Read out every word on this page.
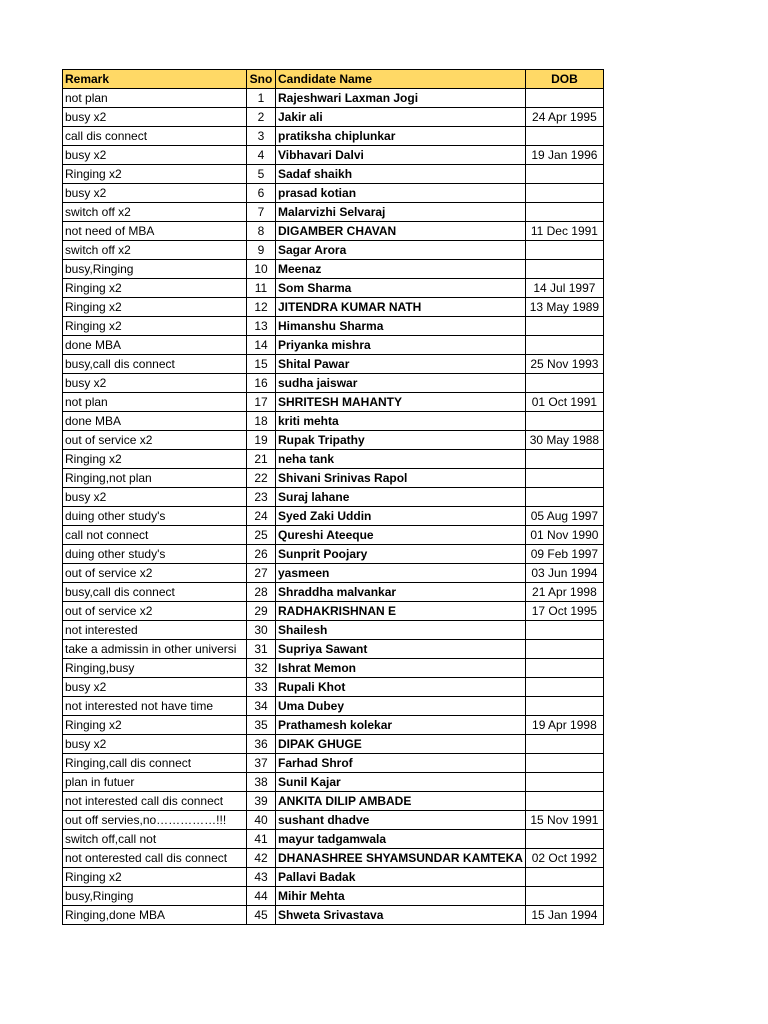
Remark	Sno	Candidate Name	DOB
not plan	1	Rajeshwari Laxman Jogi	
busy x2	2	Jakir ali	24 Apr 1995
call dis connect	3	pratiksha chiplunkar	
busy x2	4	Vibhavari Dalvi	19 Jan 1996
Ringing x2	5	Sadaf shaikh	
busy x2	6	prasad kotian	
switch off x2	7	Malarvizhi Selvaraj	
not need of MBA	8	DIGAMBER CHAVAN	11 Dec 1991
switch off x2	9	Sagar Arora	
busy,Ringing	10	Meenaz	
Ringing x2	11	Som Sharma	14 Jul 1997
Ringing x2	12	JITENDRA KUMAR NATH	13 May 1989
Ringing x2	13	Himanshu Sharma	
done MBA	14	Priyanka mishra	
busy,call dis connect	15	Shital Pawar	25 Nov 1993
busy x2	16	sudha jaiswar	
not plan	17	SHRITESH MAHANTY	01 Oct 1991
done MBA	18	kriti mehta	
out of service x2	19	Rupak Tripathy	30 May 1988
Ringing x2	21	neha tank	
Ringing,not plan	22	Shivani Srinivas Rapol	
busy x2	23	Suraj lahane	
duing other study's	24	Syed Zaki Uddin	05 Aug 1997
call not connect	25	Qureshi Ateeque	01 Nov 1990
duing other study's	26	Sunprit Poojary	09 Feb 1997
out of service x2	27	yasmeen	03 Jun 1994
busy,call dis connect	28	Shraddha malvankar	21 Apr 1998
out of service x2	29	RADHAKRISHNAN E	17 Oct 1995
not interested	30	Shailesh	
take a admissin in other universi	31	Supriya Sawant	
Ringing,busy	32	Ishrat Memon	
busy x2	33	Rupali Khot	
not interested not have time	34	Uma Dubey	
Ringing x2	35	Prathamesh kolekar	19 Apr 1998
busy x2	36	DIPAK GHUGE	
Ringing,call dis connect	37	Farhad Shrof	
plan in futuer	38	Sunil Kajar	
not interested call dis connect	39	ANKITA DILIP AMBADE	
out off servies,no……………!!!	40	sushant dhadve	15 Nov 1991
switch off,call not	41	mayur tadgamwala	
not onterested call dis connect	42	DHANASHREE SHYAMSUNDAR KAMTEKA	02 Oct 1992
Ringing x2	43	Pallavi Badak	
busy,Ringing	44	Mihir Mehta	
Ringing,done MBA	45	Shweta Srivastava	15 Jan 1994
